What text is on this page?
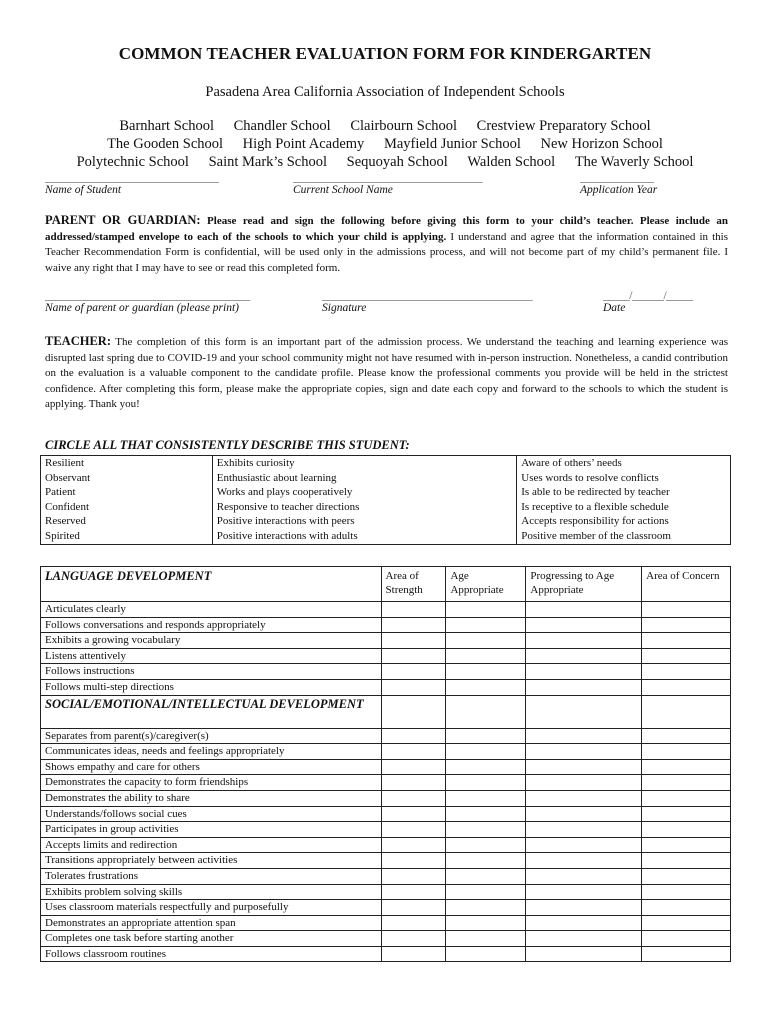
COMMON TEACHER EVALUATION FORM FOR KINDERGARTEN
Pasadena Area California Association of Independent Schools
Barnhart School Chandler School Clairbourn School Crestview Preparatory School
The Gooden School High Point Academy Mayfield Junior School New Horizon School
Polytechnic School Saint Mark’s School Sequoyah School Walden School The Waverly School
_________________________________
Name of Student
____________________________________
Current School Name
______________
Application Year
PARENT OR GUARDIAN: Please read and sign the following before giving this form to your child’s teacher. Please include an addressed/stamped envelope to each of the schools to which your child is applying. I understand and agree that the information contained in this Teacher Recommendation Form is confidential, will be used only in the admissions process, and will not become part of my child’s permanent file. I waive any right that I may have to see or read this completed form.
_______________________________________
Name of parent or guardian (please print)
________________________________________
Signature
_____/______/_____
Date
TEACHER: The completion of this form is an important part of the admission process. We understand the teaching and learning experience was disrupted last spring due to COVID-19 and your school community might not have resumed with in-person instruction. Nonetheless, a candid contribution on the evaluation is a valuable component to the candidate profile. Please know the professional comments you provide will be held in the strictest confidence. After completing this form, please make the appropriate copies, sign and date each copy and forward to the schools to which the student is applying. Thank you!
CIRCLE ALL THAT CONSISTENTLY DESCRIBE THIS STUDENT:
Resilient	Exhibits curiosity	Aware of others’ needs
Observant	Enthusiastic about learning	Uses words to resolve conflicts
Patient	Works and plays cooperatively	Is able to be redirected by teacher
Confident	Responsive to teacher directions	Is receptive to a flexible schedule
Reserved	Positive interactions with peers	Accepts responsibility for actions
Spirited	Positive interactions with adults	Positive member of the classroom
LANGUAGE DEVELOPMENT	Area of Strength	Age Appropriate	Progressing to Age Appropriate	Area of Concern
Articulates clearly				
Follows conversations and responds appropriately				
Exhibits a growing vocabulary				
Listens attentively				
Follows instructions				
Follows multi-step directions				
SOCIAL/EMOTIONAL/INTELLECTUAL DEVELOPMENT				
Separates from parent(s)/caregiver(s)				
Communicates ideas, needs and feelings appropriately				
Shows empathy and care for others				
Demonstrates the capacity to form friendships				
Demonstrates the ability to share				
Understands/follows social cues				
Participates in group activities				
Accepts limits and redirection				
Transitions appropriately between activities				
Tolerates frustrations				
Exhibits problem solving skills				
Uses classroom materials respectfully and purposefully				
Demonstrates an appropriate attention span				
Completes one task before starting another				
Follows classroom routines				
